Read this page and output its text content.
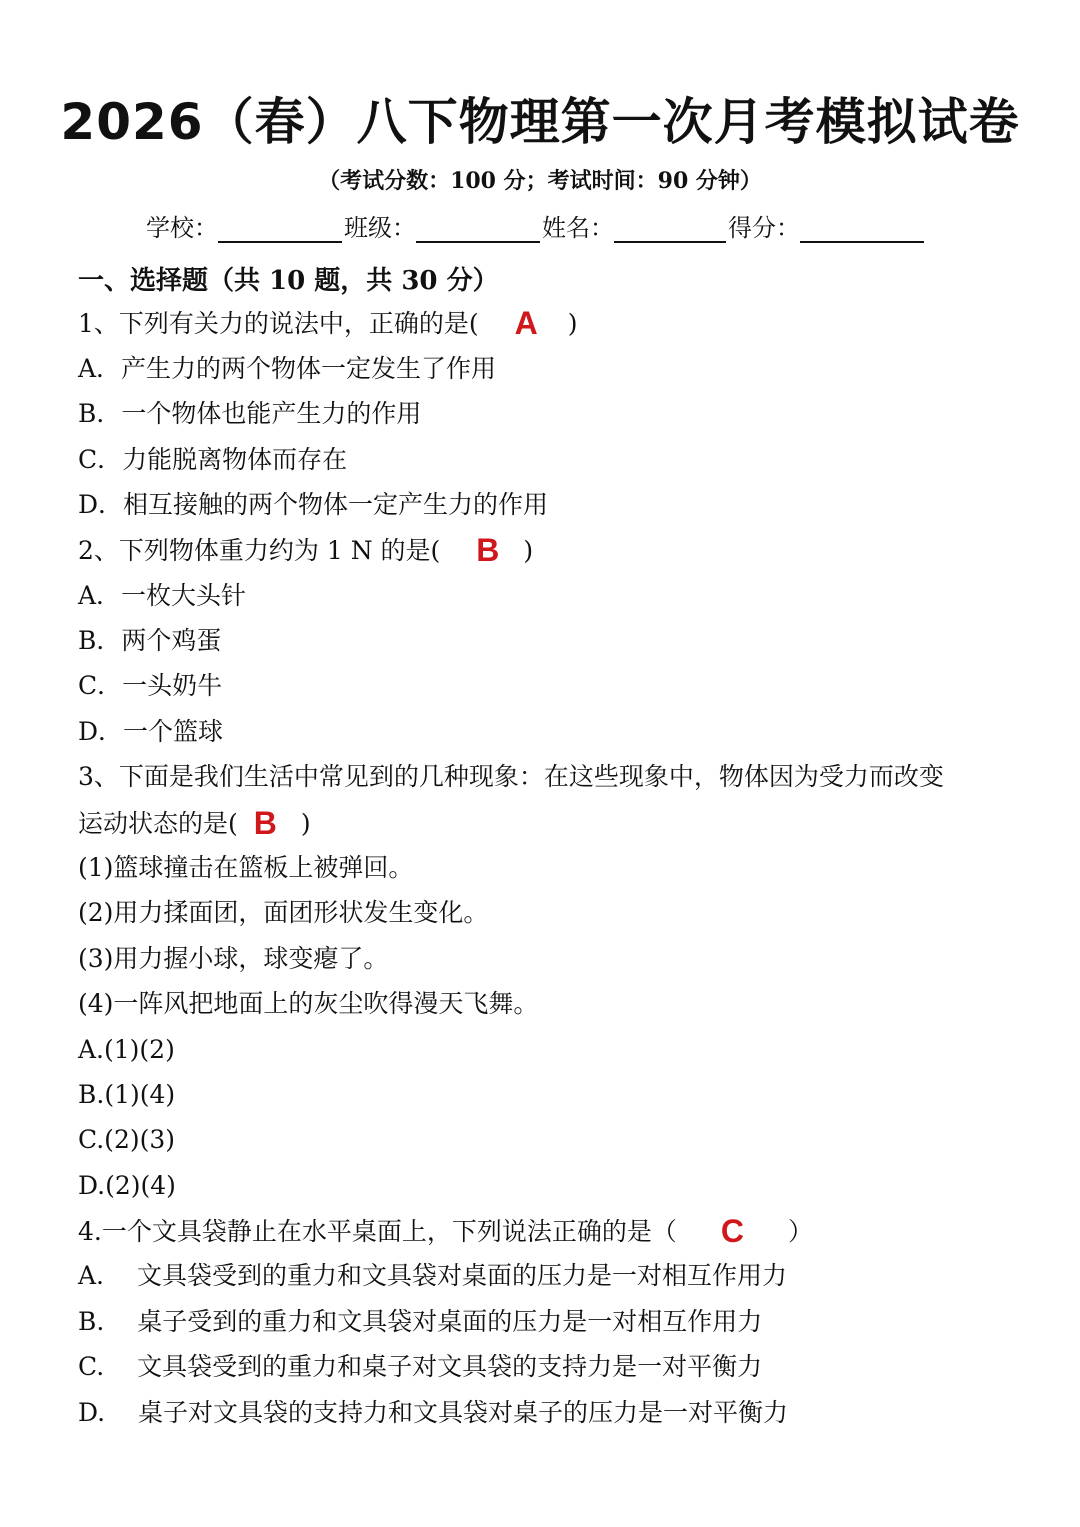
2026（春）八下物理第一次月考模拟试卷
（考试分数：100 分；考试时间：90 分钟）
学校：	班级：	姓名：	得分：
一、选择题（共 10 题，共 30 分）
1、下列有关力的说法中，正确的是( A )
A．产生力的两个物体一定发生了作用
B．一个物体也能产生力的作用
C．力能脱离物体而存在
D．相互接触的两个物体一定产生力的作用
2、下列物体重力约为 1 N 的是( B )
A．一枚大头针
B．两个鸡蛋
C．一头奶牛
D．一个篮球
3、下面是我们生活中常见到的几种现象：在这些现象中，物体因为受力而改变
运动状态的是( B )
(1)篮球撞击在篮板上被弹回。
(2)用力揉面团，面团形状发生变化。
(3)用力握小球，球变瘪了。
(4)一阵风把地面上的灰尘吹得漫天飞舞。
A.(1)(2)
B.(1)(4)
C.(2)(3)
D.(2)(4)
4.一个文具袋静止在水平桌面上，下列说法正确的是（ C ）
A.　 文具袋受到的重力和文具袋对桌面的压力是一对相互作用力
B.　 桌子受到的重力和文具袋对桌面的压力是一对相互作用力
C.　 文具袋受到的重力和桌子对文具袋的支持力是一对平衡力
D.　 桌子对文具袋的支持力和文具袋对桌子的压力是一对平衡力
